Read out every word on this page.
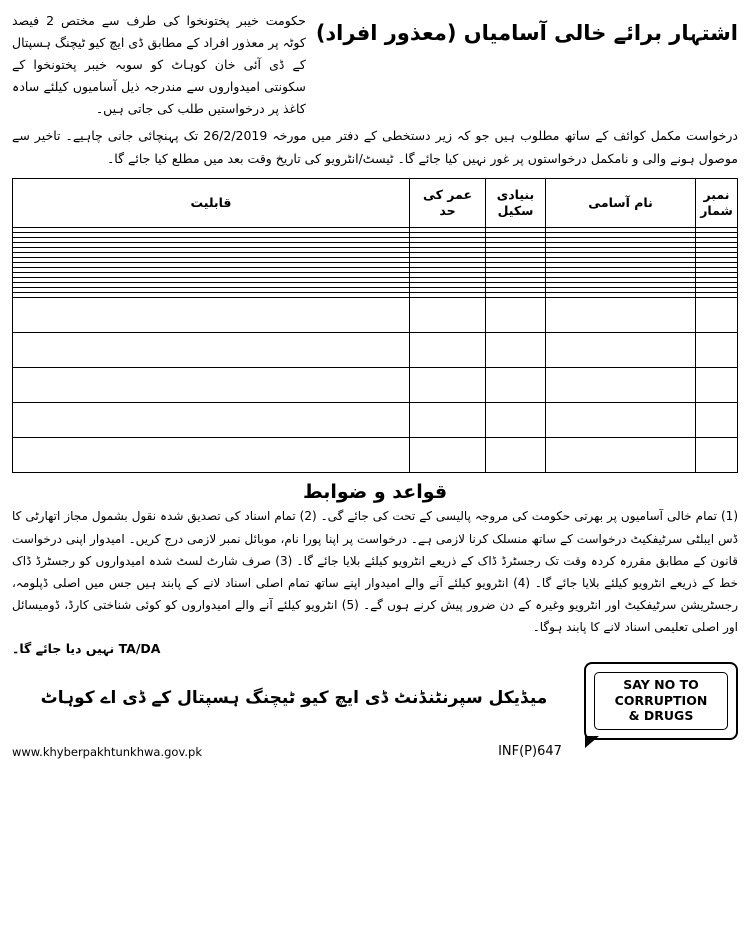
اشتہار برائے خالی آسامیاں (معذور افراد)
حکومت خیبر پختونخوا کی طرف سے مختص 2 فیصد کوٹہ پر معذور افراد کے مطابق ڈی ایچ کیو ٹیچنگ ہسپتال کے ڈی آئی خان کوہاٹ کو سوبہ خیبر پختونخوا کے سکونتی امیدواروں سے مندرجہ ذیل آسامیوں کیلئے سادہ کاغذ پر درخواستیں طلب کی جاتی ہیں۔
درخواست مکمل کوائف کے ساتھ مطلوب ہیں جو کہ زیر دستخطی کے دفتر میں مورخہ 26/2/2019 تک پہنچائی جانی چاہیے۔ تاخیر سے موصول ہونے والی و نامکمل درخواستوں پر غور نہیں کیا جائے گا۔ ٹیسٹ/انٹرویو کی تاریخ وقت بعد میں مطلع کیا جائے گا۔
نمبر شمار	نام آسامی	بنیادی سکیل	عمر کی حد	قابلیت

قواعد و ضوابط
(1) تمام خالی آسامیوں پر بھرتی حکومت کی مروجہ پالیسی کے تحت کی جائے گی۔ (2) تمام اسناد کی تصدیق شدہ نقول بشمول مجاز اتھارٹی کا ڈس ایبلٹی سرٹیفکیٹ درخواست کے ساتھ منسلک کرنا لازمی ہے۔ درخواست پر اپنا پورا نام، موبائل نمبر لازمی درج کریں۔ امیدوار اپنی درخواست قانون کے مطابق مقررہ کردہ وقت تک رجسٹرڈ ڈاک کے ذریعے انٹرویو کیلئے بلایا جائے گا۔ (3) صرف شارٹ لسٹ شدہ امیدواروں کو رجسٹرڈ ڈاک خط کے ذریعے انٹرویو کیلئے بلایا جائے گا۔ (4) انٹرویو کیلئے آنے والے امیدوار اپنے ساتھ تمام اصلی اسناد لانے کے پابند ہیں جس میں اصلی ڈپلومہ، رجسٹریشن سرٹیفکیٹ اور انٹرویو وغیرہ کے دن ضرور پیش کرنے ہوں گے۔ (5) انٹرویو کیلئے آنے والے امیدواروں کو کوئی شناختی کارڈ، ڈومیسائل اور اصلی تعلیمی اسناد لانے کا پابند ہوگا۔
TA/DA نہیں دیا جائے گا۔
SAY NO TO
CORRUPTION
& DRUGS
میڈیکل سپرنٹنڈنٹ ڈی ایچ کیو ٹیچنگ ہسپتال کے ڈی اے کوہاٹ
INF(P)647
www.khyberpakhtunkhwa.gov.pk
